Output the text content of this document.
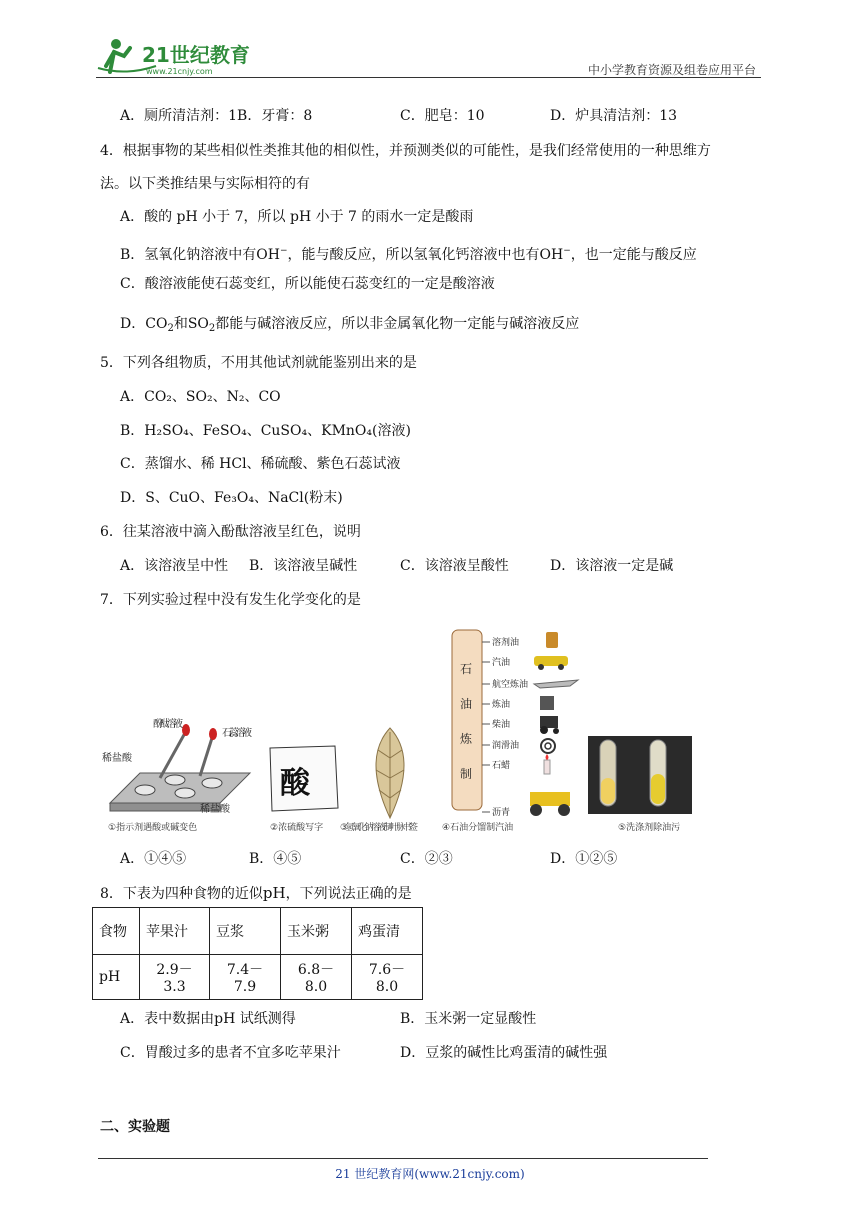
21世纪教育
www.21cnjy.com	中小学教育资源及组卷应用平台
A．厕所清洁剂：1B．牙膏：8	C．肥皂：10	D．炉具清洁剂：13
4．根据事物的某些相似性类推其他的相似性，并预测类似的可能性，是我们经常使用的一种思维方
法。以下类推结果与实际相符的有
A．酸的 pH 小于 7，所以 pH 小于 7 的雨水一定是酸雨
B．氢氧化钠溶液中有OH−，能与酸反应，所以氢氧化钙溶液中也有OH−，也一定能与酸反应
C．酸溶液能使石蕊变红，所以能使石蕊变红的一定是酸溶液
D．$CO_2$和$SO_2$都能与碱溶液反应，所以非金属氧化物一定能与碱溶液反应
5．下列各组物质，不用其他试剂就能鉴别出来的是
A．CO₂、SO₂、N₂、CO
B．H₂SO₄、FeSO₄、CuSO₄、KMnO₄(溶液)
C．蒸馏水、稀 HCl、稀硫酸、紫色石蕊试液
D．S、CuO、Fe₃O₄、NaCl(粉末)
6．往某溶液中滴入酚酞溶液呈红色，说明
A．该溶液呈中性 B．该溶液呈碱性	C．该溶液呈酸性	D．该溶液一定是碱
7．下列实验过程中没有发生化学变化的是
酚酞溶液
石蕊溶液
稀盐酸
稀盐酸
①指示剂遇酸或碱变色
酸
②浓硫酸写字 ③氢氧化钠溶液制叶脉书签
石
油
炼
制
溶剂油
汽油
航空炼油
炼油
柴油
润滑油
石蜡
沥青
④石油分馏制汽油	⑤洗涤剂除油污
A．①④⑤	B．④⑤	C．②③	D．①②⑤
8．下表为四种食物的近似pH，下列说法正确的是
食物	苹果汁	豆浆	玉米粥	鸡蛋清
pH	2.9－3.3	7.4－7.9	6.8－8.0	7.6－8.0
A．表中数据由pH 试纸测得	B．玉米粥一定显酸性
C．胃酸过多的患者不宜多吃苹果汁	D．豆浆的碱性比鸡蛋清的碱性强
二、实验题
21 世纪教育网(www.21cnjy.com)
